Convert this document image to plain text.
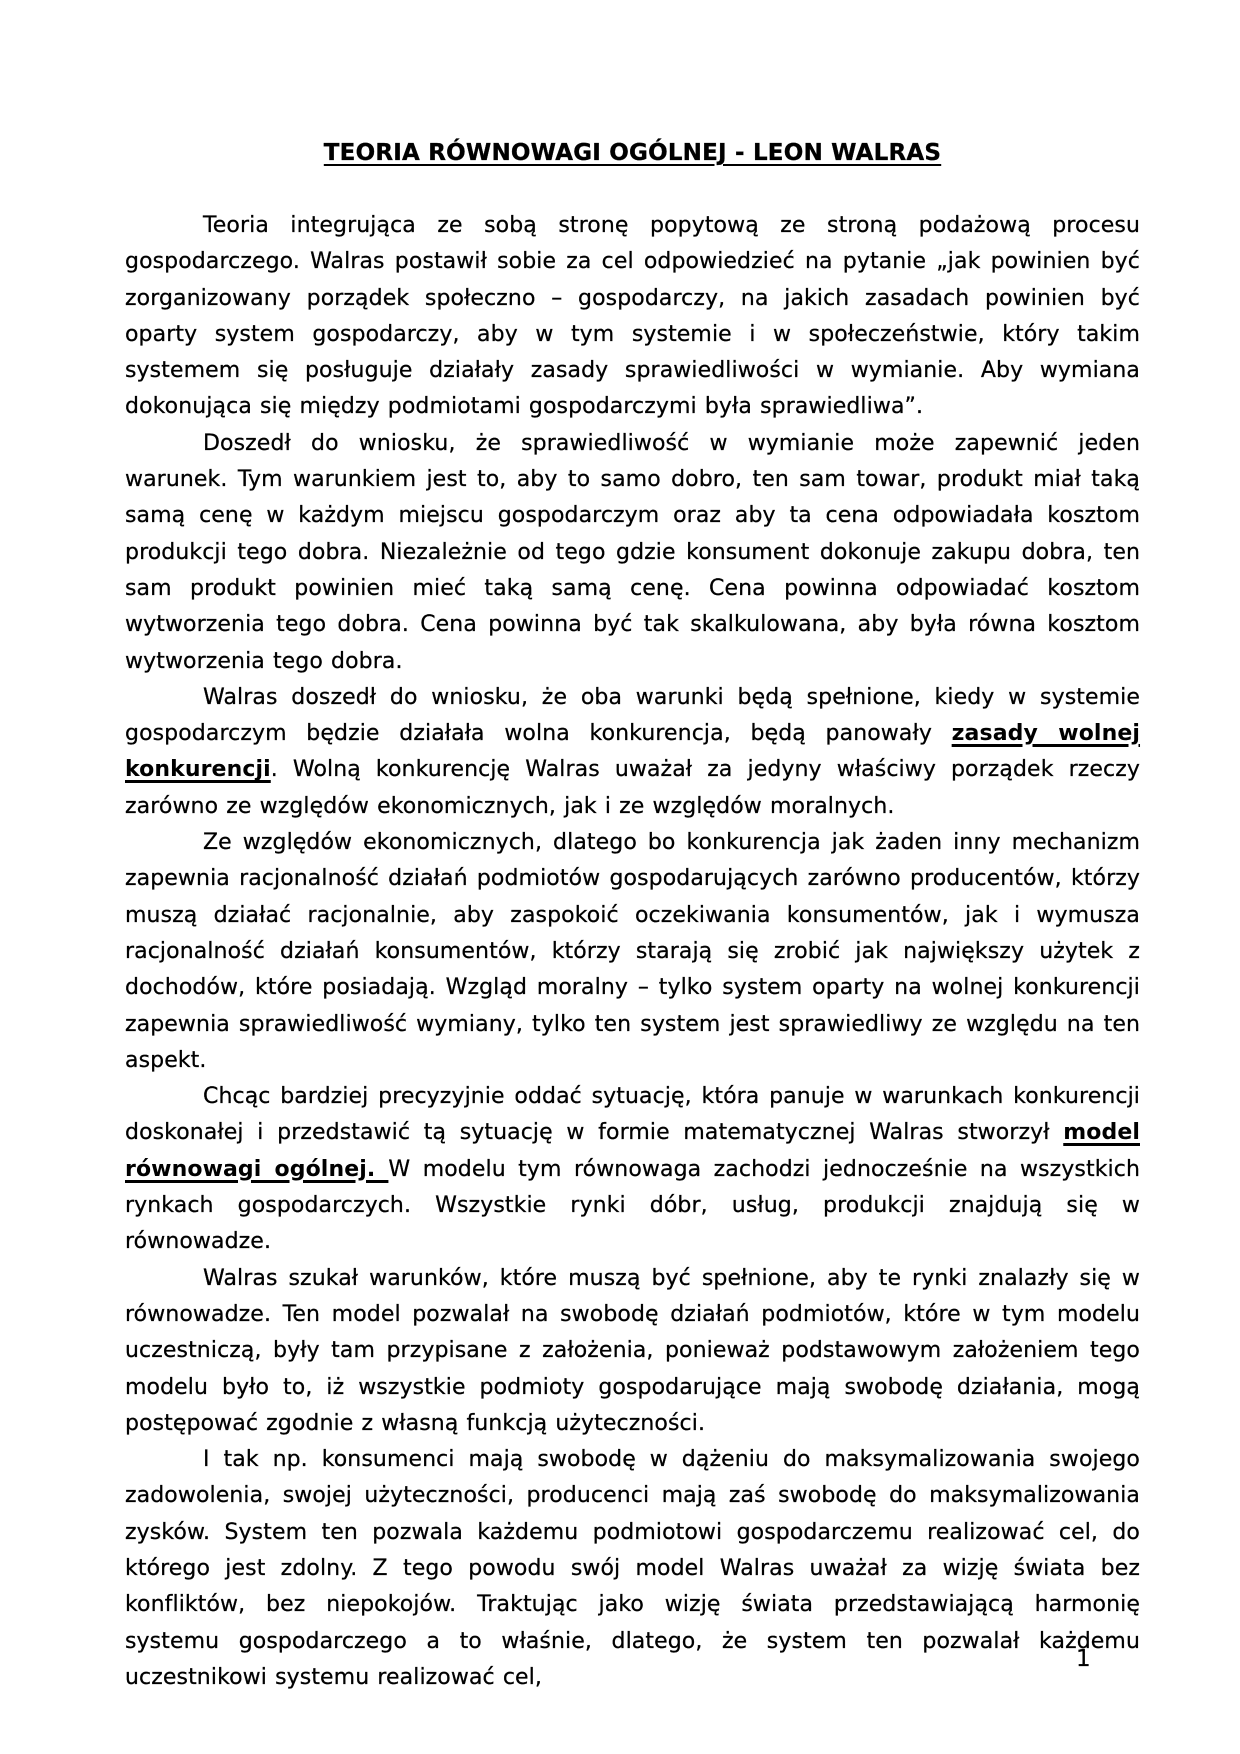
TEORIA RÓWNOWAGI OGÓLNEJ - LEON WALRAS

Teoria integrująca ze sobą stronę popytową ze stroną podażową procesu gospodarczego. Walras postawił sobie za cel odpowiedzieć na pytanie „jak powinien być zorganizowany porządek społeczno – gospodarczy, na jakich zasadach powinien być oparty system gospodarczy, aby w tym systemie i w społeczeństwie, który takim systemem się posługuje działały zasady sprawiedliwości w wymianie. Aby wymiana dokonująca się między podmiotami gospodarczymi była sprawiedliwa”.

Doszedł do wniosku, że sprawiedliwość w wymianie może zapewnić jeden warunek. Tym warunkiem jest to, aby to samo dobro, ten sam towar, produkt miał taką samą cenę w każdym miejscu gospodarczym oraz aby ta cena odpowiadała kosztom produkcji tego dobra. Niezależnie od tego gdzie konsument dokonuje zakupu dobra, ten sam produkt powinien mieć taką samą cenę. Cena powinna odpowiadać kosztom wytworzenia tego dobra. Cena powinna być tak skalkulowana, aby była równa kosztom wytworzenia tego dobra.

Walras doszedł do wniosku, że oba warunki będą spełnione, kiedy w systemie gospodarczym będzie działała wolna konkurencja, będą panowały zasady wolnej konkurencji. Wolną konkurencję Walras uważał za jedyny właściwy porządek rzeczy zarówno ze względów ekonomicznych, jak i ze względów moralnych.

Ze względów ekonomicznych, dlatego bo konkurencja jak żaden inny mechanizm zapewnia racjonalność działań podmiotów gospodarujących zarówno producentów, którzy muszą działać racjonalnie, aby zaspokoić oczekiwania konsumentów, jak i wymusza racjonalność działań konsumentów, którzy starają się zrobić jak największy użytek z dochodów, które posiadają. Wzgląd moralny – tylko system oparty na wolnej konkurencji zapewnia sprawiedliwość wymiany, tylko ten system jest sprawiedliwy ze względu na ten aspekt.

Chcąc bardziej precyzyjnie oddać sytuację, która panuje w warunkach konkurencji doskonałej i przedstawić tą sytuację w formie matematycznej Walras stworzył model równowagi ogólnej. W modelu tym równowaga zachodzi jednocześnie na wszystkich rynkach gospodarczych. Wszystkie rynki dóbr, usług, produkcji znajdują się w równowadze.

Walras szukał warunków, które muszą być spełnione, aby te rynki znalazły się w równowadze. Ten model pozwalał na swobodę działań podmiotów, które w tym modelu uczestniczą, były tam przypisane z założenia, ponieważ podstawowym założeniem tego modelu było to, iż wszystkie podmioty gospodarujące mają swobodę działania, mogą postępować zgodnie z własną funkcją użyteczności.

I tak np. konsumenci mają swobodę w dążeniu do maksymalizowania swojego zadowolenia, swojej użyteczności, producenci mają zaś swobodę do maksymalizowania zysków. System ten pozwala każdemu podmiotowi gospodarczemu realizować cel, do którego jest zdolny. Z tego powodu swój model Walras uważał za wizję świata bez konfliktów, bez niepokojów. Traktując jako wizję świata przedstawiającą harmonię systemu gospodarczego a to właśnie, dlatego, że system ten pozwalał każdemu uczestnikowi systemu realizować cel,

1
